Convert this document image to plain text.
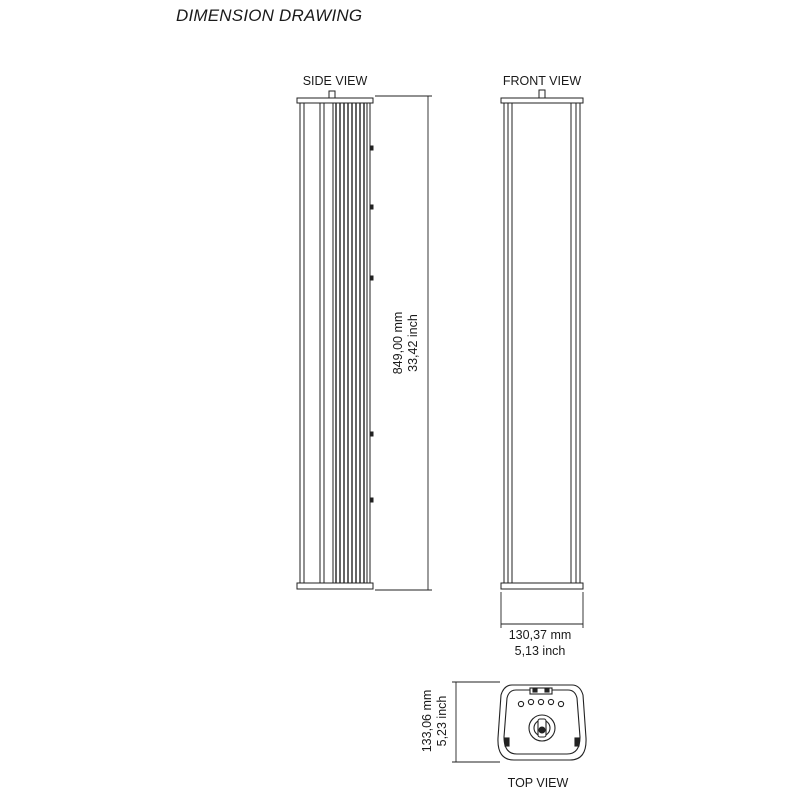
DIMENSION DRAWING
SIDE VIEW	FRONT VIEW
TOP VIEW
849,00 mm 33,42 inch
130,37 mm
5,13 inch
133,06 mm 5,23 inch
